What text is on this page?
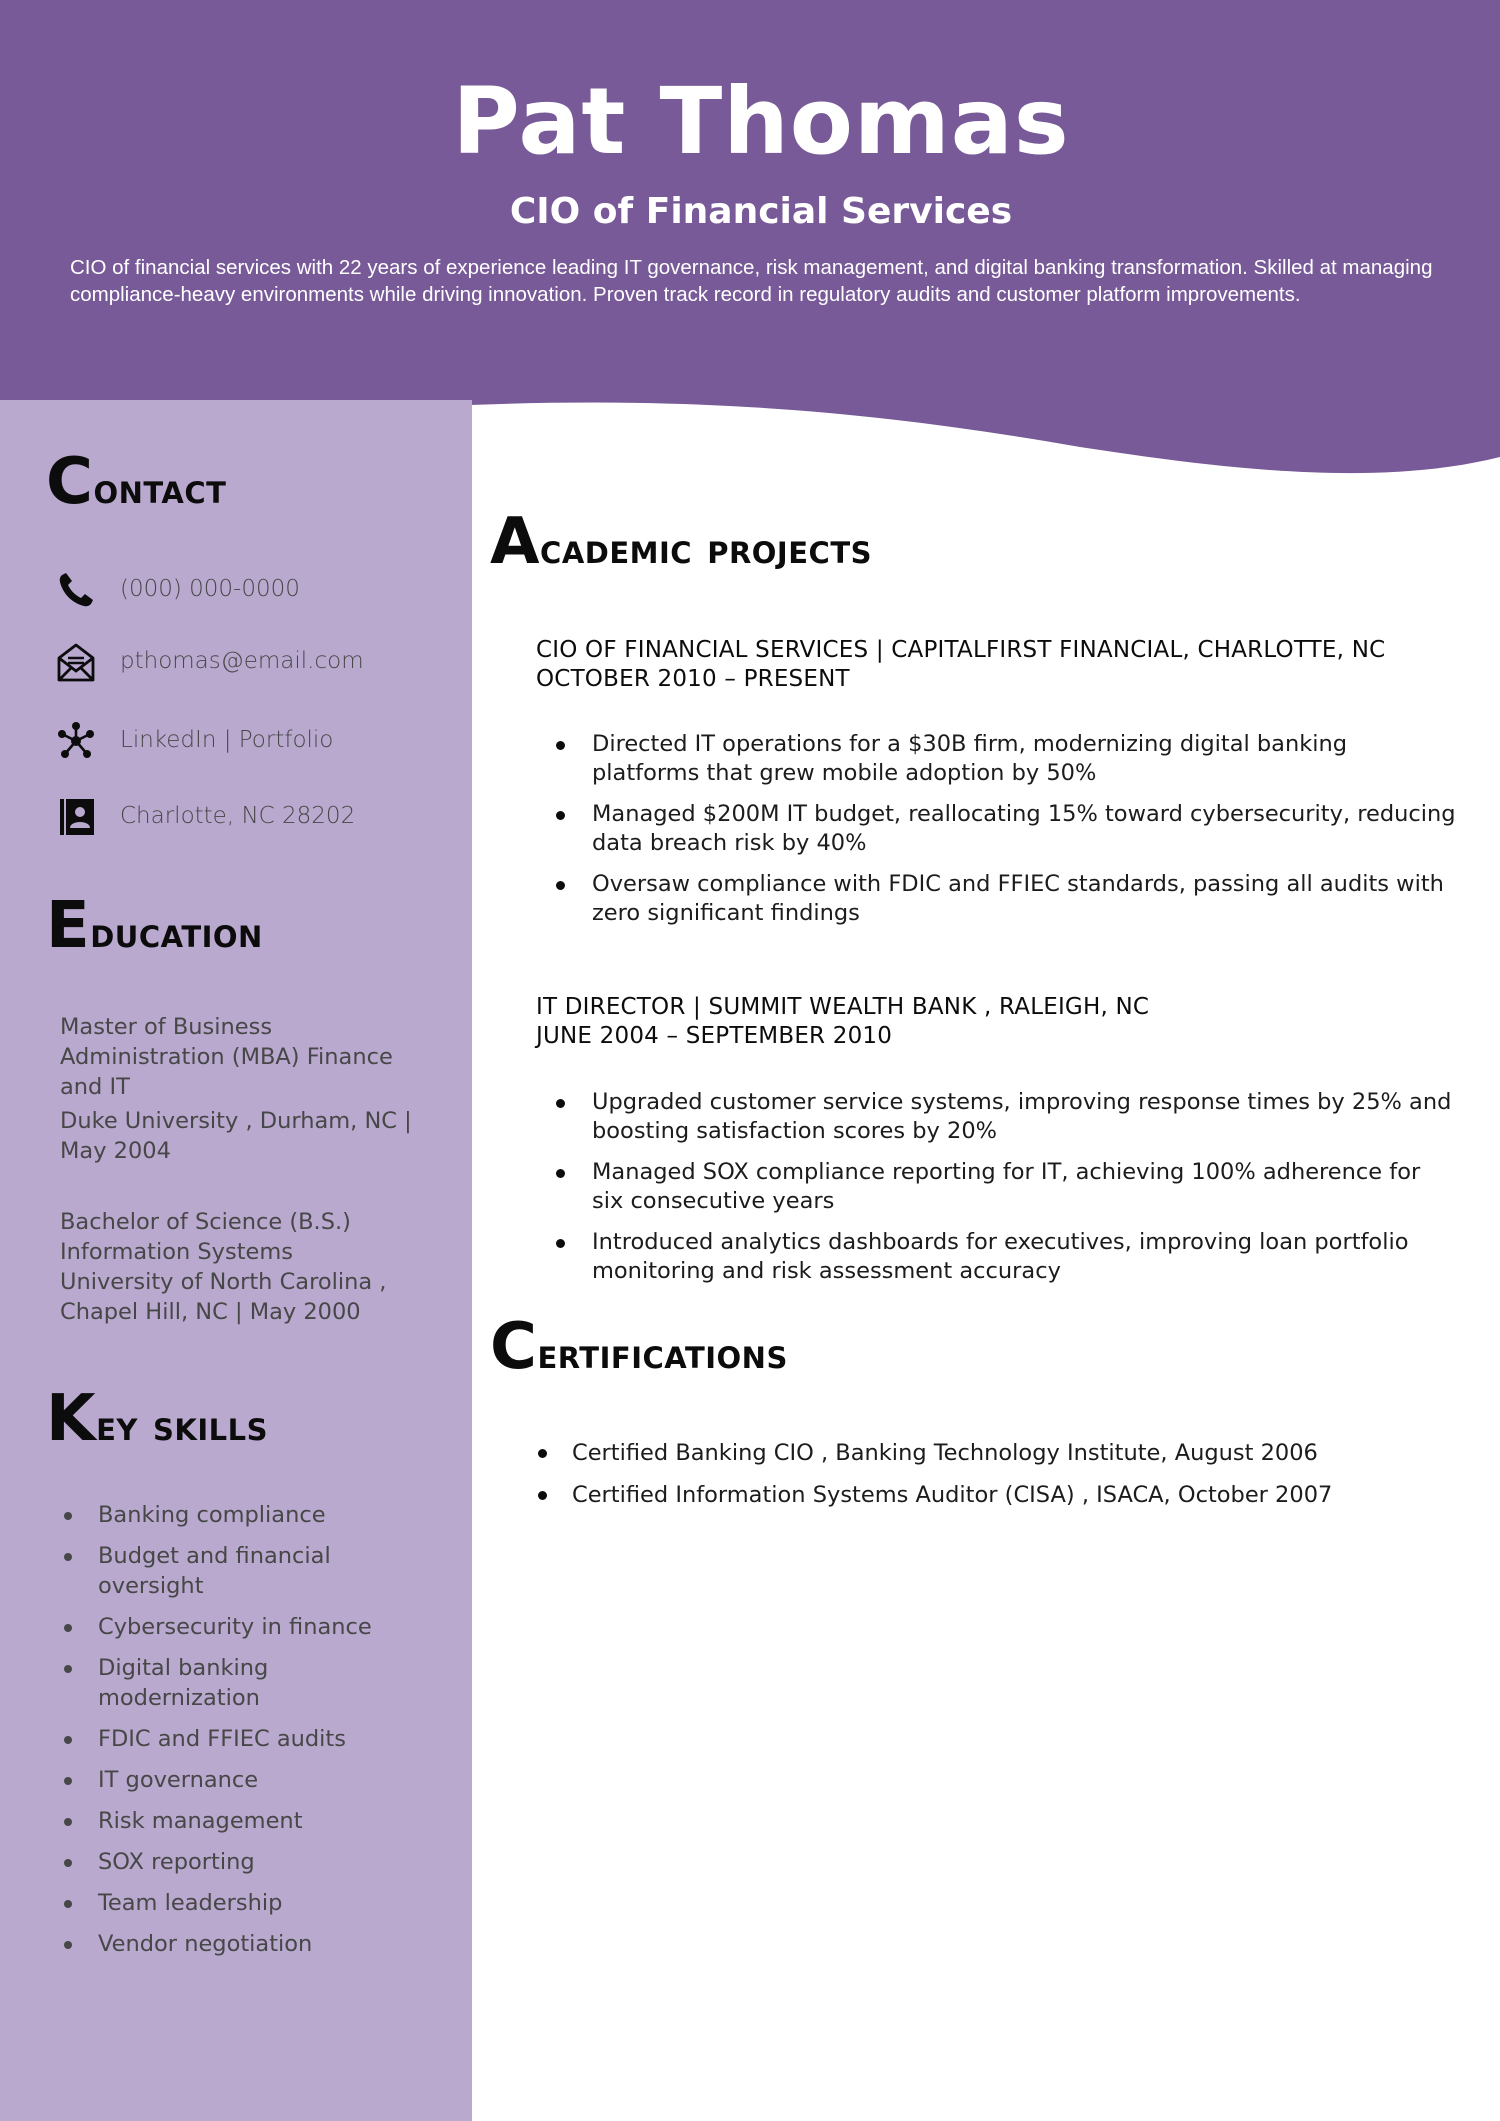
Pat Thomas
CIO of Financial Services
CIO of financial services with 22 years of experience leading IT governance, risk management, and digital banking transformation. Skilled at managing compliance-heavy environments while driving innovation. Proven track record in regulatory audits and customer platform improvements.
Contact
(000) 000-0000
pthomas@email.com
LinkedIn | Portfolio
Charlotte, NC 28202
Education
Master of Business Administration (MBA) Finance and IT
Duke University , Durham, NC | May 2004
Bachelor of Science (B.S.) Information Systems
University of North Carolina , Chapel Hill, NC | May 2000
Key skills
Banking compliance
Budget and financial oversight
Cybersecurity in finance
Digital banking modernization
FDIC and FFIEC audits
IT governance
Risk management
SOX reporting
Team leadership
Vendor negotiation
Academic projects
CIO OF FINANCIAL SERVICES | CAPITALFIRST FINANCIAL, CHARLOTTE, NC
OCTOBER 2010 – PRESENT
Directed IT operations for a $30B firm, modernizing digital banking platforms that grew mobile adoption by 50%
Managed $200M IT budget, reallocating 15% toward cybersecurity, reducing data breach risk by 40%
Oversaw compliance with FDIC and FFIEC standards, passing all audits with zero significant findings
IT DIRECTOR | SUMMIT WEALTH BANK , RALEIGH, NC
JUNE 2004 – SEPTEMBER 2010
Upgraded customer service systems, improving response times by 25% and boosting satisfaction scores by 20%
Managed SOX compliance reporting for IT, achieving 100% adherence for six consecutive years
Introduced analytics dashboards for executives, improving loan portfolio monitoring and risk assessment accuracy
Certifications
Certified Banking CIO , Banking Technology Institute, August 2006
Certified Information Systems Auditor (CISA) , ISACA, October 2007
